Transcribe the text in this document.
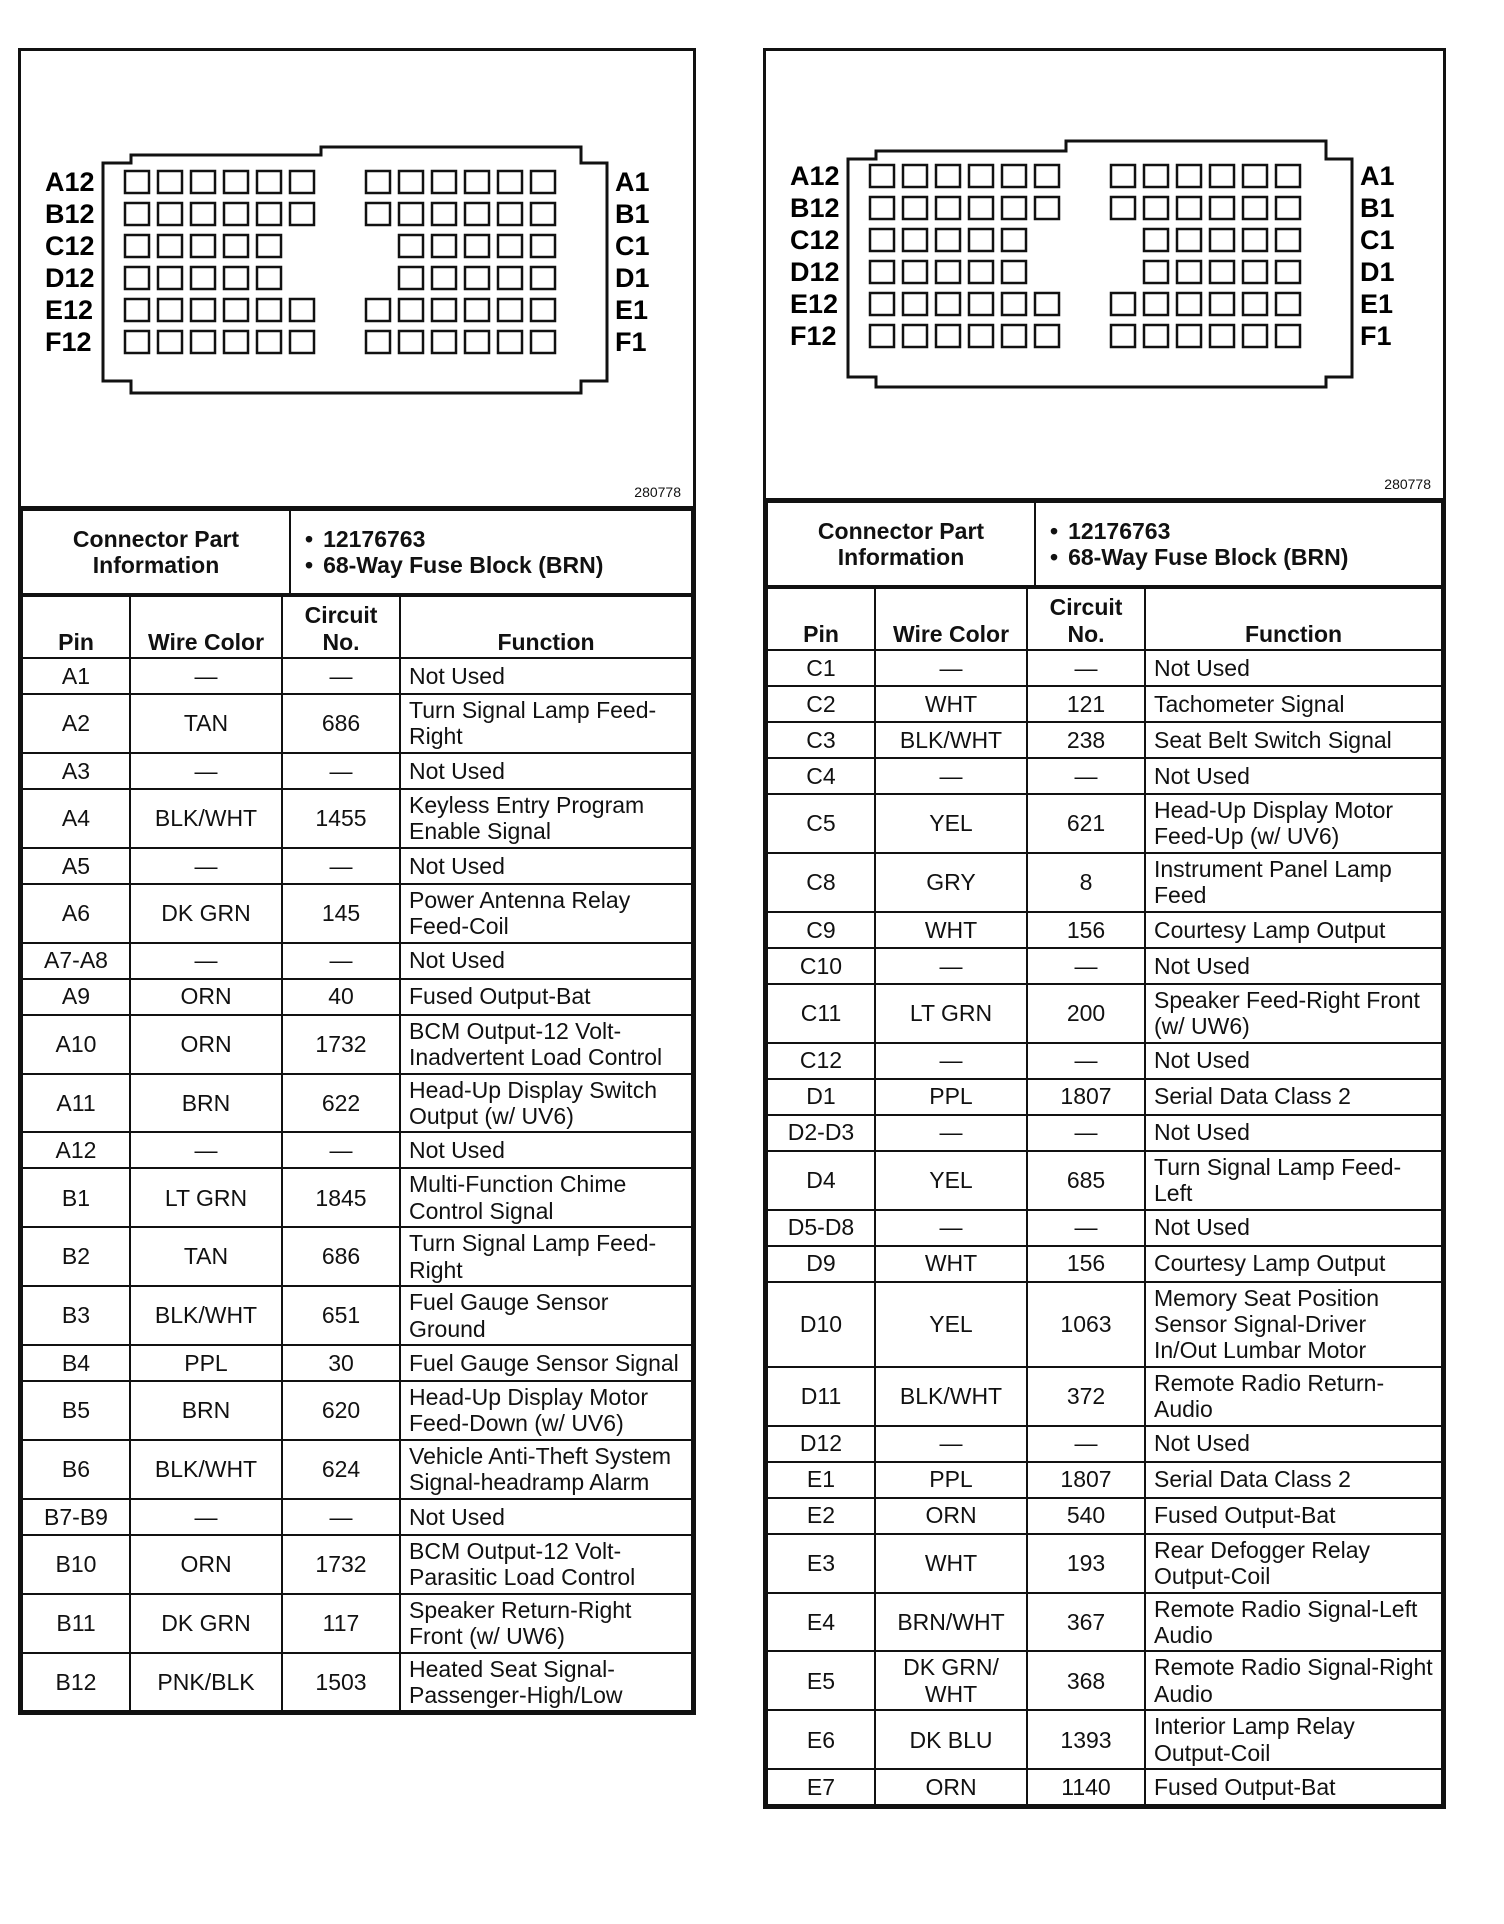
A12
B12
C12
D12
E12
F12
A1
B1
C1
D1
E1
F1
280778
Connector Part Information	
• 12176763
• 68-Way Fuse Block (BRN)
Pin	Wire Color	Circuit No.	Function
A1	—	—	Not Used
A2	TAN	686	Turn Signal Lamp Feed-Right
A3	—	—	Not Used
A4	BLK/WHT	1455	Keyless Entry Program Enable Signal
A5	—	—	Not Used
A6	DK GRN	145	Power Antenna Relay Feed-Coil
A7-A8	—	—	Not Used
A9	ORN	40	Fused Output-Bat
A10	ORN	1732	BCM Output-12 Volt-Inadvertent Load Control
A11	BRN	622	Head-Up Display Switch Output (w/ UV6)
A12	—	—	Not Used
B1	LT GRN	1845	Multi-Function Chime Control Signal
B2	TAN	686	Turn Signal Lamp Feed-Right
B3	BLK/WHT	651	Fuel Gauge Sensor Ground
B4	PPL	30	Fuel Gauge Sensor Signal
B5	BRN	620	Head-Up Display Motor Feed-Down (w/ UV6)
B6	BLK/WHT	624	Vehicle Anti-Theft System Signal-headramp Alarm
B7-B9	—	—	Not Used
B10	ORN	1732	BCM Output-12 Volt-Parasitic Load Control
B11	DK GRN	117	Speaker Return-Right Front (w/ UW6)
B12	PNK/BLK	1503	Heated Seat Signal-Passenger-High/Low
A12
B12
C12
D12
E12
F12
A1
B1
C1
D1
E1
F1
280778
Connector Part Information	
• 12176763
• 68-Way Fuse Block (BRN)
Pin	Wire Color	Circuit No.	Function
C1	—	—	Not Used
C2	WHT	121	Tachometer Signal
C3	BLK/WHT	238	Seat Belt Switch Signal
C4	—	—	Not Used
C5	YEL	621	Head-Up Display Motor Feed-Up (w/ UV6)
C8	GRY	8	Instrument Panel Lamp Feed
C9	WHT	156	Courtesy Lamp Output
C10	—	—	Not Used
C11	LT GRN	200	Speaker Feed-Right Front (w/ UW6)
C12	—	—	Not Used
D1	PPL	1807	Serial Data Class 2
D2-D3	—	—	Not Used
D4	YEL	685	Turn Signal Lamp Feed-Left
D5-D8	—	—	Not Used
D9	WHT	156	Courtesy Lamp Output
D10	YEL	1063	Memory Seat Position Sensor Signal-Driver In/Out Lumbar Motor
D11	BLK/WHT	372	Remote Radio Return-Audio
D12	—	—	Not Used
E1	PPL	1807	Serial Data Class 2
E2	ORN	540	Fused Output-Bat
E3	WHT	193	Rear Defogger Relay Output-Coil
E4	BRN/WHT	367	Remote Radio Signal-Left Audio
E5	DK GRN/ WHT	368	Remote Radio Signal-Right Audio
E6	DK BLU	1393	Interior Lamp Relay Output-Coil
E7	ORN	1140	Fused Output-Bat
